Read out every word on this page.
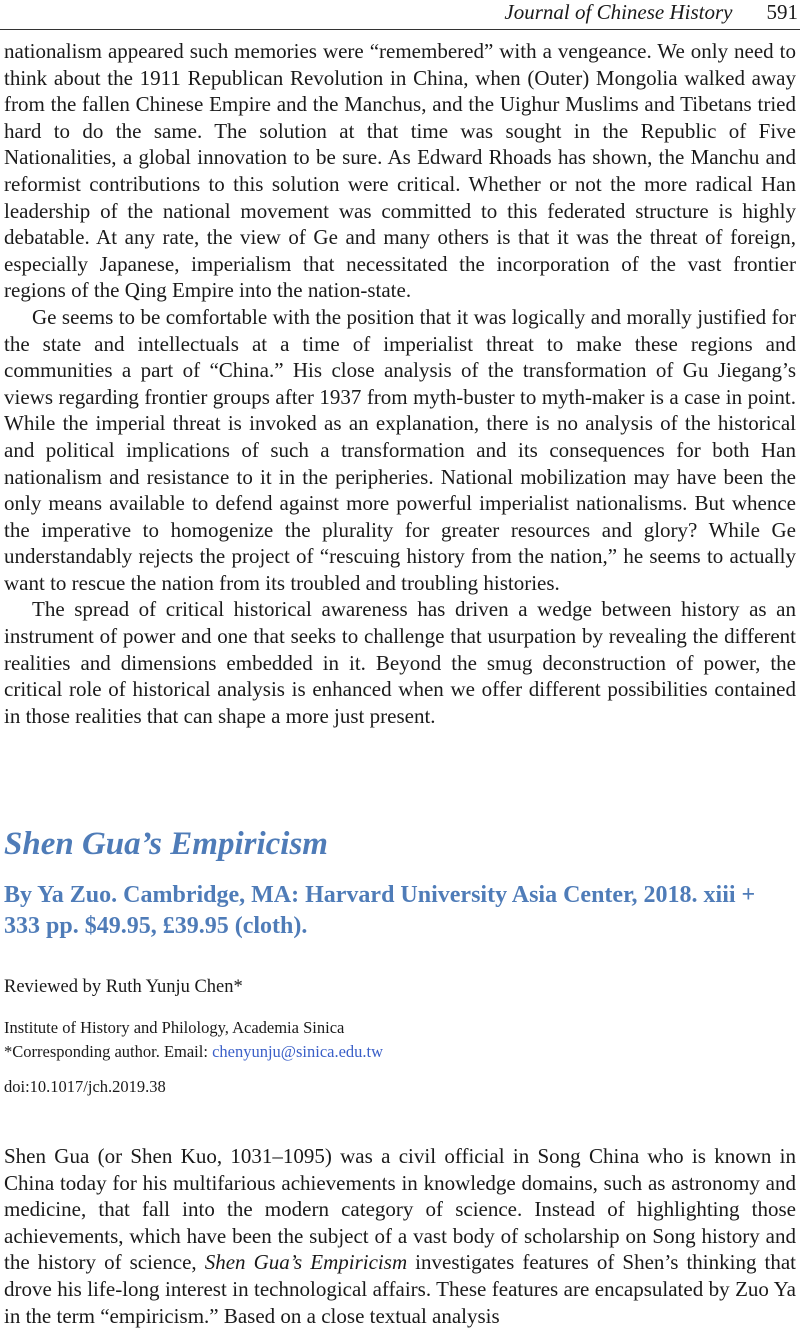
Journal of Chinese History 591

nationalism appeared such memories were “remembered” with a vengeance. We only need to think about the 1911 Republican Revolution in China, when (Outer) Mongolia walked away from the fallen Chinese Empire and the Manchus, and the Uighur Muslims and Tibetans tried hard to do the same. The solution at that time was sought in the Republic of Five Nationalities, a global innovation to be sure. As Edward Rhoads has shown, the Manchu and reformist contributions to this solution were critical. Whether or not the more radical Han leadership of the national movement was committed to this federated structure is highly debatable. At any rate, the view of Ge and many others is that it was the threat of foreign, especially Japanese, imperialism that necessitated the incorporation of the vast frontier regions of the Qing Empire into the nation-state.

Ge seems to be comfortable with the position that it was logically and morally justified for the state and intellectuals at a time of imperialist threat to make these regions and communities a part of “China.” His close analysis of the transformation of Gu Jiegang’s views regarding frontier groups after 1937 from myth-buster to myth-maker is a case in point. While the imperial threat is invoked as an explanation, there is no analysis of the historical and political implications of such a transformation and its consequences for both Han nationalism and resistance to it in the peripheries. National mobilization may have been the only means available to defend against more powerful imperialist nationalisms. But whence the imperative to homogenize the plurality for greater resources and glory? While Ge understandably rejects the project of “rescuing history from the nation,” he seems to actually want to rescue the nation from its troubled and troubling histories.

The spread of critical historical awareness has driven a wedge between history as an instrument of power and one that seeks to challenge that usurpation by revealing the different realities and dimensions embedded in it. Beyond the smug deconstruction of power, the critical role of historical analysis is enhanced when we offer different possibilities contained in those realities that can shape a more just present.

Shen Gua’s Empiricism
By Ya Zuo. Cambridge, MA: Harvard University Asia Center, 2018. xiii + 333 pp. $49.95, £39.95 (cloth).
Reviewed by Ruth Yunju Chen*
Institute of History and Philology, Academia Sinica
*Corresponding author. Email: chenyunju@sinica.edu.tw
doi:10.1017/jch.2019.38

Shen Gua (or Shen Kuo, 1031–1095) was a civil official in Song China who is known in China today for his multifarious achievements in knowledge domains, such as astronomy and medicine, that fall into the modern category of science. Instead of highlighting those achievements, which have been the subject of a vast body of scholarship on Song history and the history of science, Shen Gua’s Empiricism investigates features of Shen’s thinking that drove his life-long interest in technological affairs. These features are encapsulated by Zuo Ya in the term “empiricism.” Based on a close textual analysis
